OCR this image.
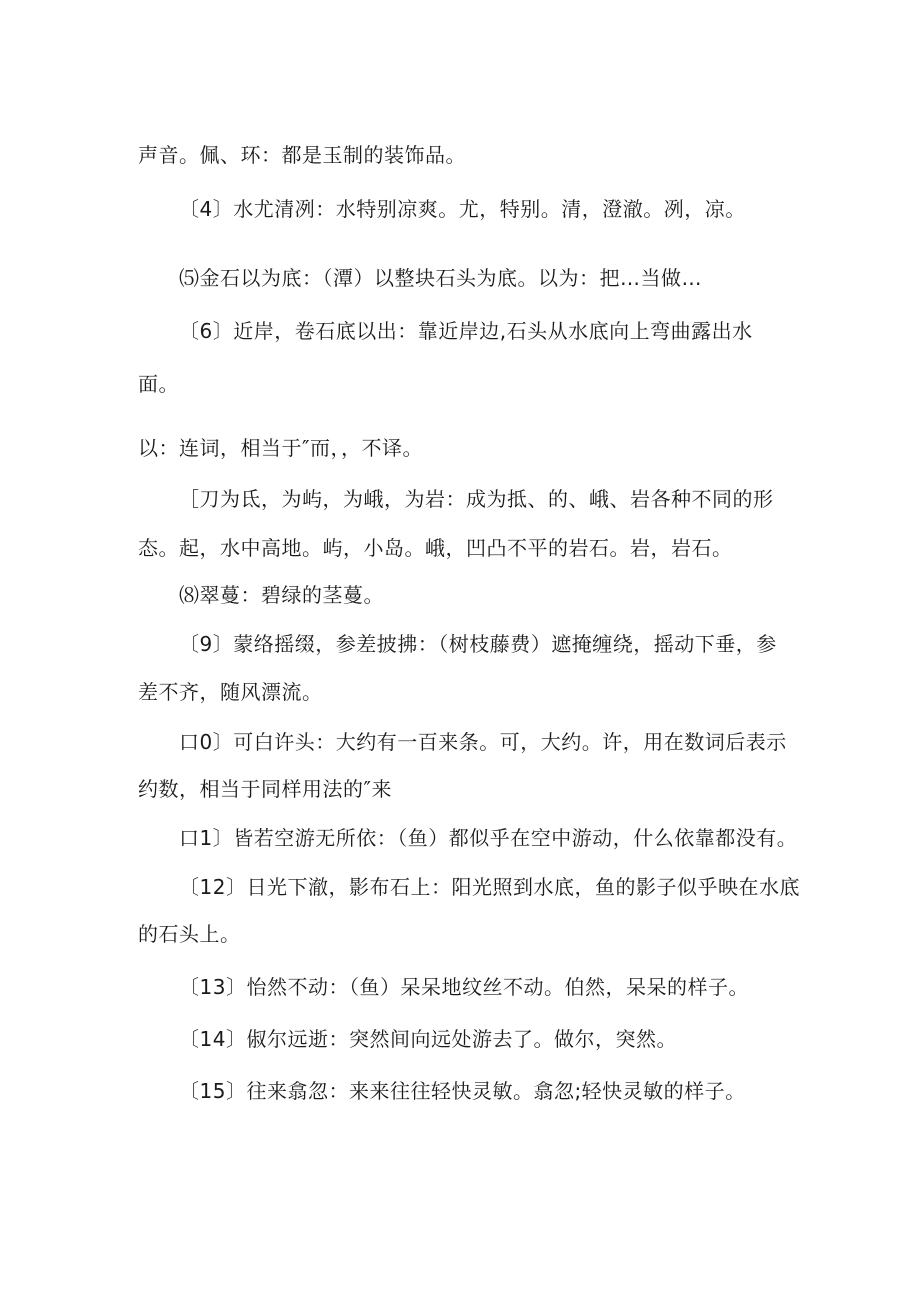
声音。佩、环：都是玉制的装饰品。
〔4〕水尤清冽：水特别凉爽。尤，特别。清，澄澈。冽，凉。
⑸金石以为底：（潭）以整块石头为底。以为：把…当做…
〔6〕近岸，卷石底以出：靠近岸边,石头从水底向上弯曲露出水
面。
以：连词，相当于″而，，不译。
［刀为氐，为屿，为峨，为岩：成为抵、的、峨、岩各种不同的形
态。起，水中高地。屿，小岛。峨，凹凸不平的岩石。岩，岩石。
⑻翠蔓：碧绿的茎蔓。
〔9〕蒙络摇缀，参差披拂：（树枝藤费）遮掩缠绕，摇动下垂，参
差不齐，随风漂流。
口0〕可白许头：大约有一百来条。可，大约。许，用在数词后表示
约数，相当于同样用法的″来
口1〕皆若空游无所依：（鱼）都似乎在空中游动，什么依靠都没有。
〔12〕日光下澈，影布石上：阳光照到水底，鱼的影子似乎映在水底
的石头上。
〔13〕怡然不动：（鱼）呆呆地纹丝不动。伯然，呆呆的样子。
〔14〕俶尔远逝：突然间向远处游去了。做尔，突然。
〔15〕往来翕忽：来来往往轻快灵敏。翕忽;轻快灵敏的样子。
